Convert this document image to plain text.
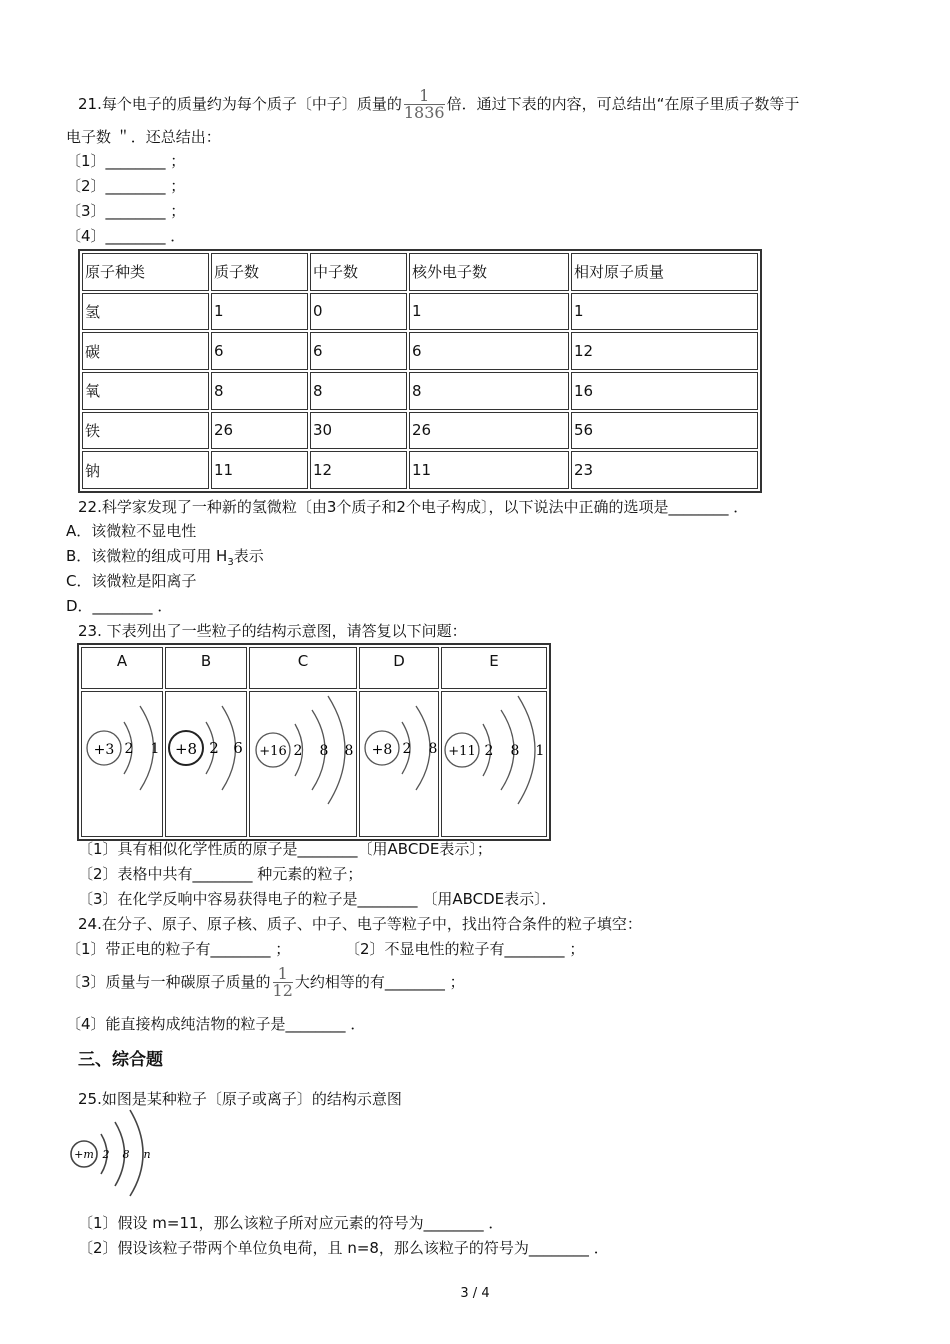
21.每个电子的质量约为每个质子〔中子〕质量的 $\frac{1}{1836}$ 倍．通过下表的内容，可总结出“在原子里质子数等于
电子数 ＂．还总结出：
〔1〕________ ；
〔2〕________ ；
〔3〕________ ；
〔4〕________ ．
原子种类	质子数	中子数	核外电子数	相对原子质量
氢	1	0	1	1
碳	6	6	6	12
氧	8	8	8	16
铁	26	30	26	56
钠	11	12	11	23
22.科学家发现了一种新的氢微粒〔由3个质子和2个电子构成〕，以下说法中正确的选项是________ ．
A．该微粒不显电性
B．该微粒的组成可用 $H_3$表示
C．该微粒是阳离子
D．________ ．
23. 下表列出了一些粒子的结构示意图，请答复以下问题：
A	B	C	D	E

+3 2 1	+8 2 6	+16 2 8 8	+8 2 8	+11 2 8 1
〔1〕具有相似化学性质的原子是________〔用ABCDE表示〕；
〔2〕表格中共有________ 种元素的粒子；
〔3〕在化学反响中容易获得电子的粒子是________ 〔用ABCDE表示〕．
24.在分子、原子、原子核、质子、中子、电子等粒子中，找出符合条件的粒子填空：
〔1〕带正电的粒子有________ ；	〔2〕不显电性的粒子有________ ；
〔3〕质量与一种碳原子质量的 $\frac{1}{12}$ 大约相等的有________ ；
〔4〕能直接构成纯洁物的粒子是________ ．
三、综合题
25.如图是某种粒子〔原子或离子〕的结构示意图
+m 2 8 n
〔1〕假设 m=11，那么该粒子所对应元素的符号为________ ．
〔2〕假设该粒子带两个单位负电荷，且 n=8，那么该粒子的符号为________ ．
3 / 4
